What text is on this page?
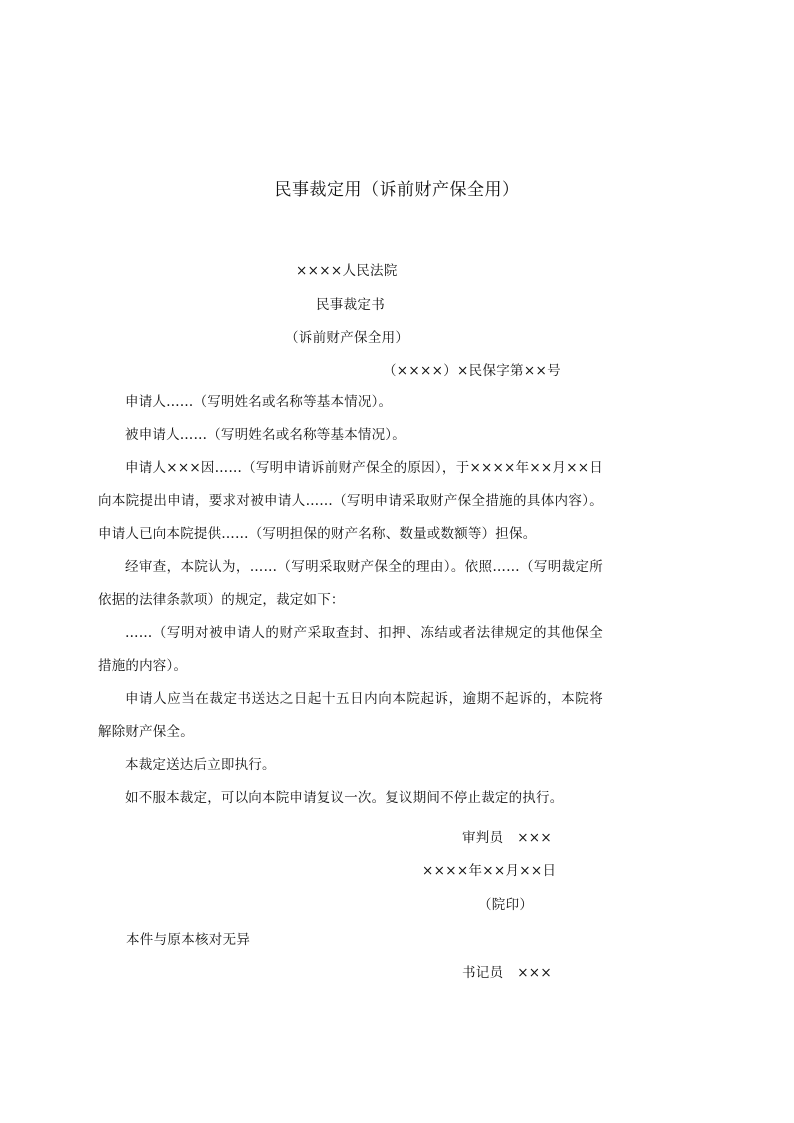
民事裁定用（诉前财产保全用）
××××人民法院
民事裁定书
（诉前财产保全用）
（××××）×民保字第××号

申请人……（写明姓名或名称等基本情况）。

被申请人……（写明姓名或名称等基本情况）。

申请人×××因……（写明申请诉前财产保全的原因），于××××年××月××日向本院提出申请，要求对被申请人……（写明申请采取财产保全措施的具体内容）。申请人已向本院提供……（写明担保的财产名称、数量或数额等）担保。

经审查，本院认为，……（写明采取财产保全的理由）。依照……（写明裁定所依据的法律条款项）的规定，裁定如下：

……（写明对被申请人的财产采取查封、扣押、冻结或者法律规定的其他保全措施的内容）。

申请人应当在裁定书送达之日起十五日内向本院起诉，逾期不起诉的，本院将解除财产保全。

本裁定送达后立即执行。

如不服本裁定，可以向本院申请复议一次。复议期间不停止裁定的执行。

审判员　×××
××××年××月××日
（院印）
本件与原本核对无异
书记员　×××
